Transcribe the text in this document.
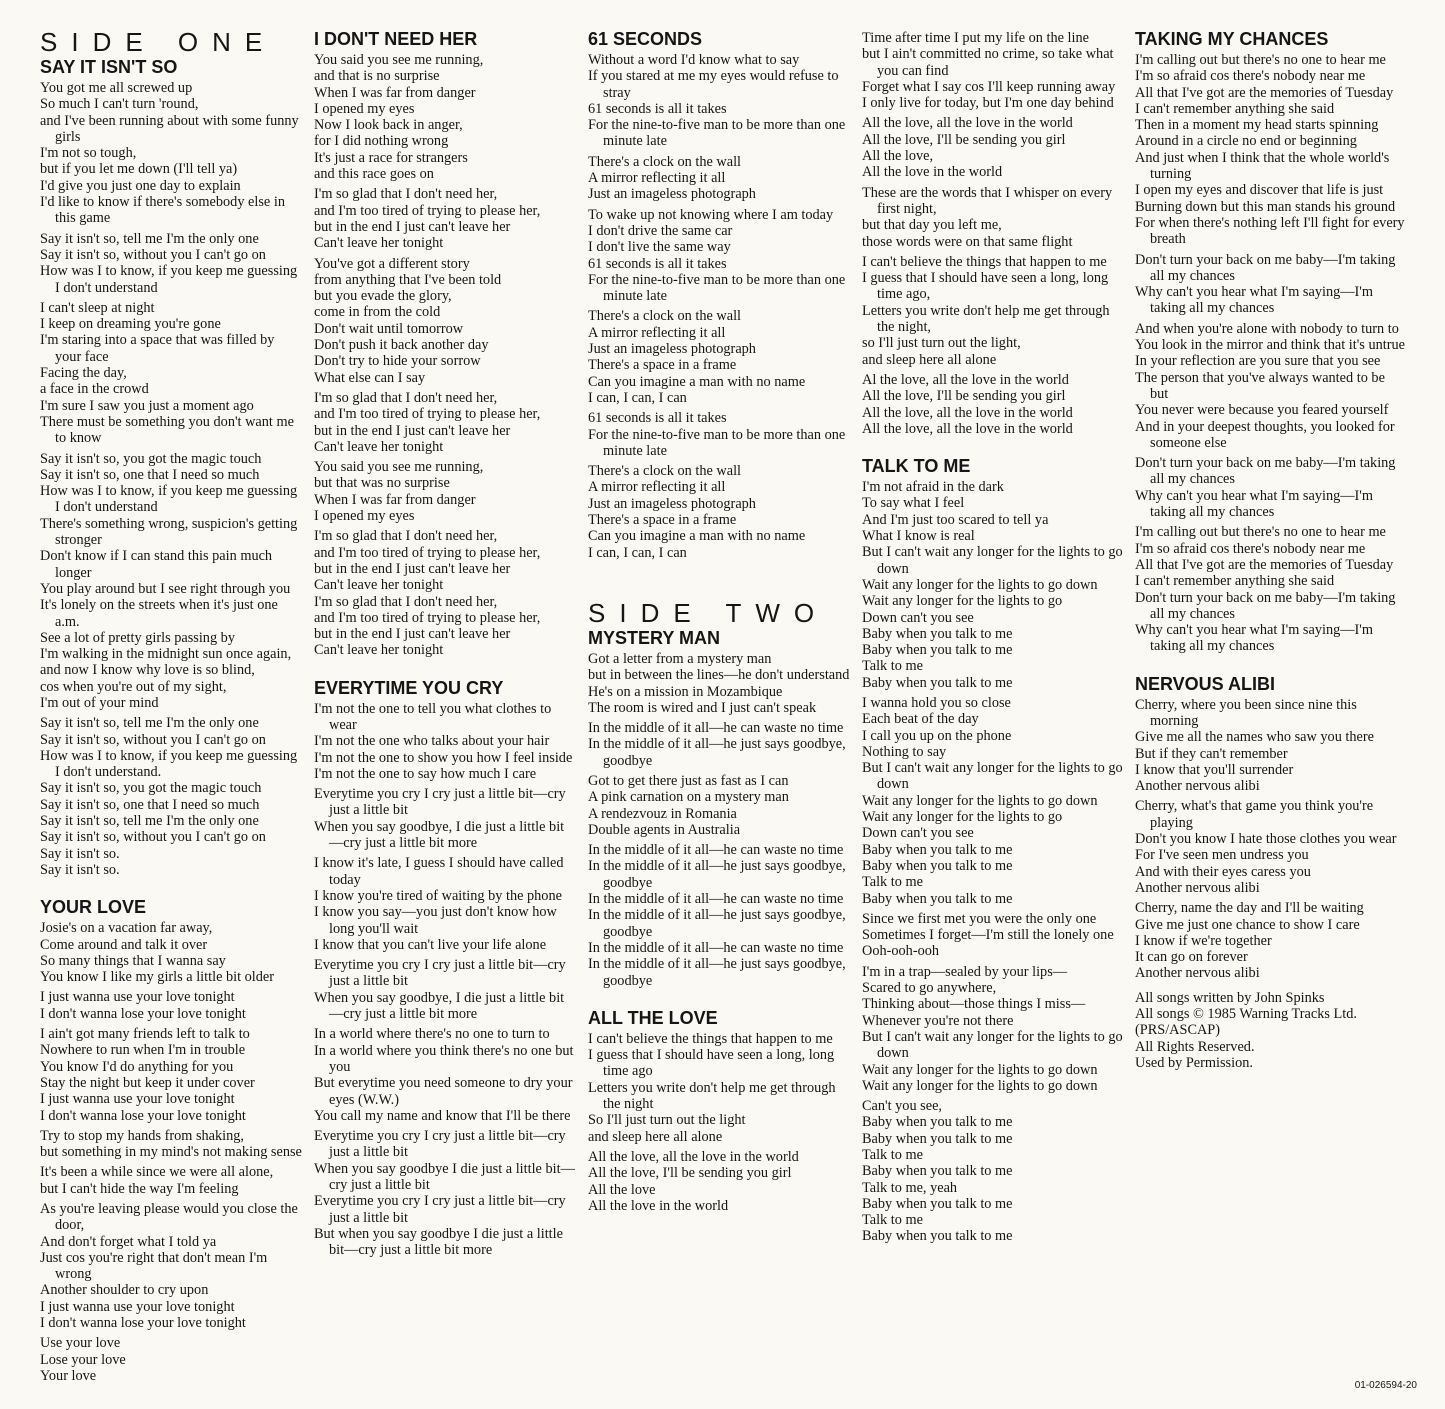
SIDE ONE
SAY IT ISN'T SO
You got me all screwed up
So much I can't turn 'round,
and I've been running about with some funny girls
I'm not so tough,
but if you let me down (I'll tell ya)
I'd give you just one day to explain
I'd like to know if there's somebody else in this game
Say it isn't so, tell me I'm the only one
Say it isn't so, without you I can't go on
How was I to know, if you keep me guessing I don't understand
I can't sleep at night
I keep on dreaming you're gone
I'm staring into a space that was filled by your face
Facing the day,
a face in the crowd
I'm sure I saw you just a moment ago
There must be something you don't want me to know
Say it isn't so, you got the magic touch
Say it isn't so, one that I need so much
How was I to know, if you keep me guessing I don't understand
There's something wrong, suspicion's getting stronger
Don't know if I can stand this pain much longer
You play around but I see right through you
It's lonely on the streets when it's just one a.m.
See a lot of pretty girls passing by
I'm walking in the midnight sun once again,
and now I know why love is so blind,
cos when you're out of my sight,
I'm out of your mind
Say it isn't so, tell me I'm the only one
Say it isn't so, without you I can't go on
How was I to know, if you keep me guessing I don't understand.
Say it isn't so, you got the magic touch
Say it isn't so, one that I need so much
Say it isn't so, tell me I'm the only one
Say it isn't so, without you I can't go on
Say it isn't so.
Say it isn't so.
YOUR LOVE
Josie's on a vacation far away,
Come around and talk it over
So many things that I wanna say
You know I like my girls a little bit older
I just wanna use your love tonight
I don't wanna lose your love tonight
I ain't got many friends left to talk to
Nowhere to run when I'm in trouble
You know I'd do anything for you
Stay the night but keep it under cover
I just wanna use your love tonight
I don't wanna lose your love tonight
Try to stop my hands from shaking,
but something in my mind's not making sense
It's been a while since we were all alone,
but I can't hide the way I'm feeling
As you're leaving please would you close the door,
And don't forget what I told ya
Just cos you're right that don't mean I'm wrong
Another shoulder to cry upon
I just wanna use your love tonight
I don't wanna lose your love tonight
Use your love
Lose your love
Your love
I DON'T NEED HER
You said you see me running,
and that is no surprise
When I was far from danger
I opened my eyes
Now I look back in anger,
for I did nothing wrong
It's just a race for strangers
and this race goes on
I'm so glad that I don't need her,
and I'm too tired of trying to please her,
but in the end I just can't leave her
Can't leave her tonight
You've got a different story
from anything that I've been told
but you evade the glory,
come in from the cold
Don't wait until tomorrow
Don't push it back another day
Don't try to hide your sorrow
What else can I say
I'm so glad that I don't need her,
and I'm too tired of trying to please her,
but in the end I just can't leave her
Can't leave her tonight
You said you see me running,
but that was no surprise
When I was far from danger
I opened my eyes
I'm so glad that I don't need her,
and I'm too tired of trying to please her,
but in the end I just can't leave her
Can't leave her tonight
I'm so glad that I don't need her,
and I'm too tired of trying to please her,
but in the end I just can't leave her
Can't leave her tonight
EVERYTIME YOU CRY
I'm not the one to tell you what clothes to wear
I'm not the one who talks about your hair
I'm not the one to show you how I feel inside
I'm not the one to say how much I care
Everytime you cry I cry just a little bit—cry just a little bit
When you say goodbye, I die just a little bit—cry just a little bit more
I know it's late, I guess I should have called today
I know you're tired of waiting by the phone
I know you say—you just don't know how long you'll wait
I know that you can't live your life alone
Everytime you cry I cry just a little bit—cry just a little bit
When you say goodbye, I die just a little bit—cry just a little bit more
In a world where there's no one to turn to
In a world where you think there's no one but you
But everytime you need someone to dry your eyes (W.W.)
You call my name and know that I'll be there
Everytime you cry I cry just a little bit—cry just a little bit
When you say goodbye I die just a little bit—cry just a little bit
Everytime you cry I cry just a little bit—cry just a little bit
But when you say goodbye I die just a little bit—cry just a little bit more
61 SECONDS
Without a word I'd know what to say
If you stared at me my eyes would refuse to stray
61 seconds is all it takes
For the nine-to-five man to be more than one minute late
There's a clock on the wall
A mirror reflecting it all
Just an imageless photograph
To wake up not knowing where I am today
I don't drive the same car
I don't live the same way
61 seconds is all it takes
For the nine-to-five man to be more than one minute late
There's a clock on the wall
A mirror reflecting it all
Just an imageless photograph
There's a space in a frame
Can you imagine a man with no name
I can, I can, I can
61 seconds is all it takes
For the nine-to-five man to be more than one minute late
There's a clock on the wall
A mirror reflecting it all
Just an imageless photograph
There's a space in a frame
Can you imagine a man with no name
I can, I can, I can
SIDE TWO
MYSTERY MAN
Got a letter from a mystery man
but in between the lines—he don't understand
He's on a mission in Mozambique
The room is wired and I just can't speak
In the middle of it all—he can waste no time
In the middle of it all—he just says goodbye, goodbye
Got to get there just as fast as I can
A pink carnation on a mystery man
A rendezvouz in Romania
Double agents in Australia
In the middle of it all—he can waste no time
In the middle of it all—he just says goodbye, goodbye
In the middle of it all—he can waste no time
In the middle of it all—he just says goodbye, goodbye
In the middle of it all—he can waste no time
In the middle of it all—he just says goodbye, goodbye
ALL THE LOVE
I can't believe the things that happen to me
I guess that I should have seen a long, long time ago
Letters you write don't help me get through the night
So I'll just turn out the light
and sleep here all alone
All the love, all the love in the world
All the love, I'll be sending you girl
All the love
All the love in the world
Time after time I put my life on the line
but I ain't committed no crime, so take what you can find
Forget what I say cos I'll keep running away
I only live for today, but I'm one day behind
All the love, all the love in the world
All the love, I'll be sending you girl
All the love,
All the love in the world
These are the words that I whisper on every first night,
but that day you left me,
those words were on that same flight
I can't believe the things that happen to me
I guess that I should have seen a long, long time ago,
Letters you write don't help me get through the night,
so I'll just turn out the light,
and sleep here all alone
Al the love, all the love in the world
All the love, I'll be sending you girl
All the love, all the love in the world
All the love, all the love in the world
TALK TO ME
I'm not afraid in the dark
To say what I feel
And I'm just too scared to tell ya
What I know is real
But I can't wait any longer for the lights to go down
Wait any longer for the lights to go down
Wait any longer for the lights to go
Down can't you see
Baby when you talk to me
Baby when you talk to me
Talk to me
Baby when you talk to me
I wanna hold you so close
Each beat of the day
I call you up on the phone
Nothing to say
But I can't wait any longer for the lights to go down
Wait any longer for the lights to go down
Wait any longer for the lights to go
Down can't you see
Baby when you talk to me
Baby when you talk to me
Talk to me
Baby when you talk to me
Since we first met you were the only one
Sometimes I forget—I'm still the lonely one
Ooh-ooh-ooh
I'm in a trap—sealed by your lips—
Scared to go anywhere,
Thinking about—those things I miss—
Whenever you're not there
But I can't wait any longer for the lights to go down
Wait any longer for the lights to go down
Wait any longer for the lights to go down
Can't you see,
Baby when you talk to me
Baby when you talk to me
Talk to me
Baby when you talk to me
Talk to me, yeah
Baby when you talk to me
Talk to me
Baby when you talk to me
TAKING MY CHANCES
I'm calling out but there's no one to hear me
I'm so afraid cos there's nobody near me
All that I've got are the memories of Tuesday
I can't remember anything she said
Then in a moment my head starts spinning
Around in a circle no end or beginning
And just when I think that the whole world's turning
I open my eyes and discover that life is just
Burning down but this man stands his ground
For when there's nothing left I'll fight for every breath
Don't turn your back on me baby—I'm taking all my chances
Why can't you hear what I'm saying—I'm taking all my chances
And when you're alone with nobody to turn to
You look in the mirror and think that it's untrue
In your reflection are you sure that you see
The person that you've always wanted to be but
You never were because you feared yourself
And in your deepest thoughts, you looked for someone else
Don't turn your back on me baby—I'm taking all my chances
Why can't you hear what I'm saying—I'm taking all my chances
I'm calling out but there's no one to hear me
I'm so afraid cos there's nobody near me
All that I've got are the memories of Tuesday
I can't remember anything she said
Don't turn your back on me baby—I'm taking all my chances
Why can't you hear what I'm saying—I'm taking all my chances
NERVOUS ALIBI
Cherry, where you been since nine this morning
Give me all the names who saw you there
But if they can't remember
I know that you'll surrender
Another nervous alibi
Cherry, what's that game you think you're playing
Don't you know I hate those clothes you wear
For I've seen men undress you
And with their eyes caress you
Another nervous alibi
Cherry, name the day and I'll be waiting
Give me just one chance to show I care
I know if we're together
It can go on forever
Another nervous alibi
All songs written by John Spinks
All songs © 1985 Warning Tracks Ltd.
(PRS/ASCAP)
All Rights Reserved.
Used by Permission.
01-026594-20
